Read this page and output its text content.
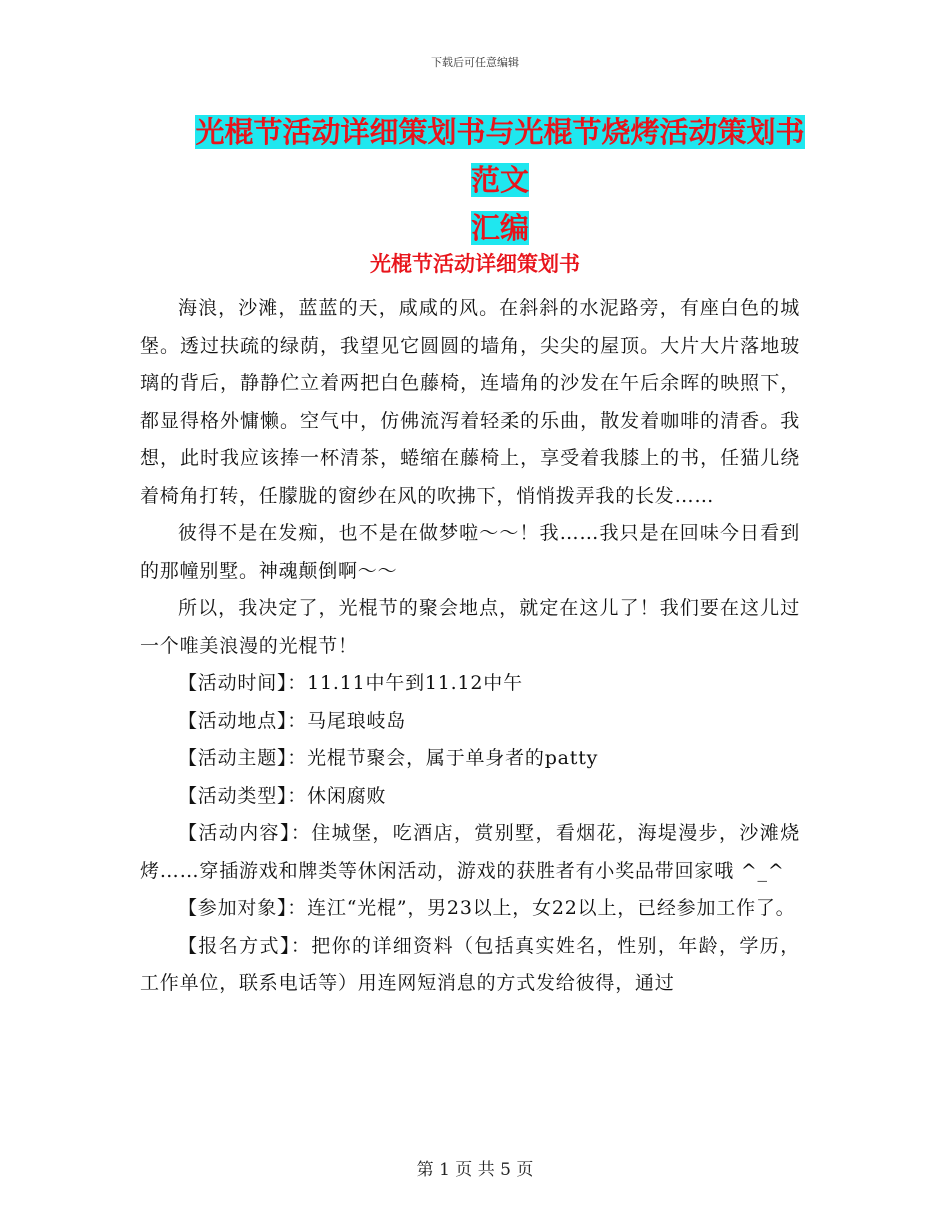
下载后可任意编辑
光棍节活动详细策划书与光棍节烧烤活动策划书范文
汇编
光棍节活动详细策划书

海浪，沙滩，蓝蓝的天，咸咸的风。在斜斜的水泥路旁，有座白色的城堡。透过扶疏的绿荫，我望见它圆圆的墙角，尖尖的屋顶。大片大片落地玻璃的背后，静静伫立着两把白色藤椅，连墙角的沙发在午后余晖的映照下，都显得格外慵懒。空气中，仿佛流泻着轻柔的乐曲，散发着咖啡的清香。我想，此时我应该捧一杯清茶，蜷缩在藤椅上，享受着我膝上的书，任猫儿绕着椅角打转，任朦胧的窗纱在风的吹拂下，悄悄拨弄我的长发……

彼得不是在发痴，也不是在做梦啦～～！我……我只是在回味今日看到的那幢别墅。神魂颠倒啊～～

所以，我决定了，光棍节的聚会地点，就定在这儿了！我们要在这儿过一个唯美浪漫的光棍节！

【活动时间】：11.11中午到11.12中午

【活动地点】：马尾琅岐岛

【活动主题】：光棍节聚会，属于单身者的patty

【活动类型】：休闲腐败

【活动内容】：住城堡，吃酒店，赏别墅，看烟花，海堤漫步，沙滩烧烤……穿插游戏和牌类等休闲活动，游戏的获胜者有小奖品带回家哦 ^_^

【参加对象】：连江“光棍”，男23以上，女22以上，已经参加工作了。

【报名方式】：把你的详细资料（包括真实姓名，性别，年龄，学历，工作单位，联系电话等）用连网短消息的方式发给彼得，通过

第 1 页 共 5 页
